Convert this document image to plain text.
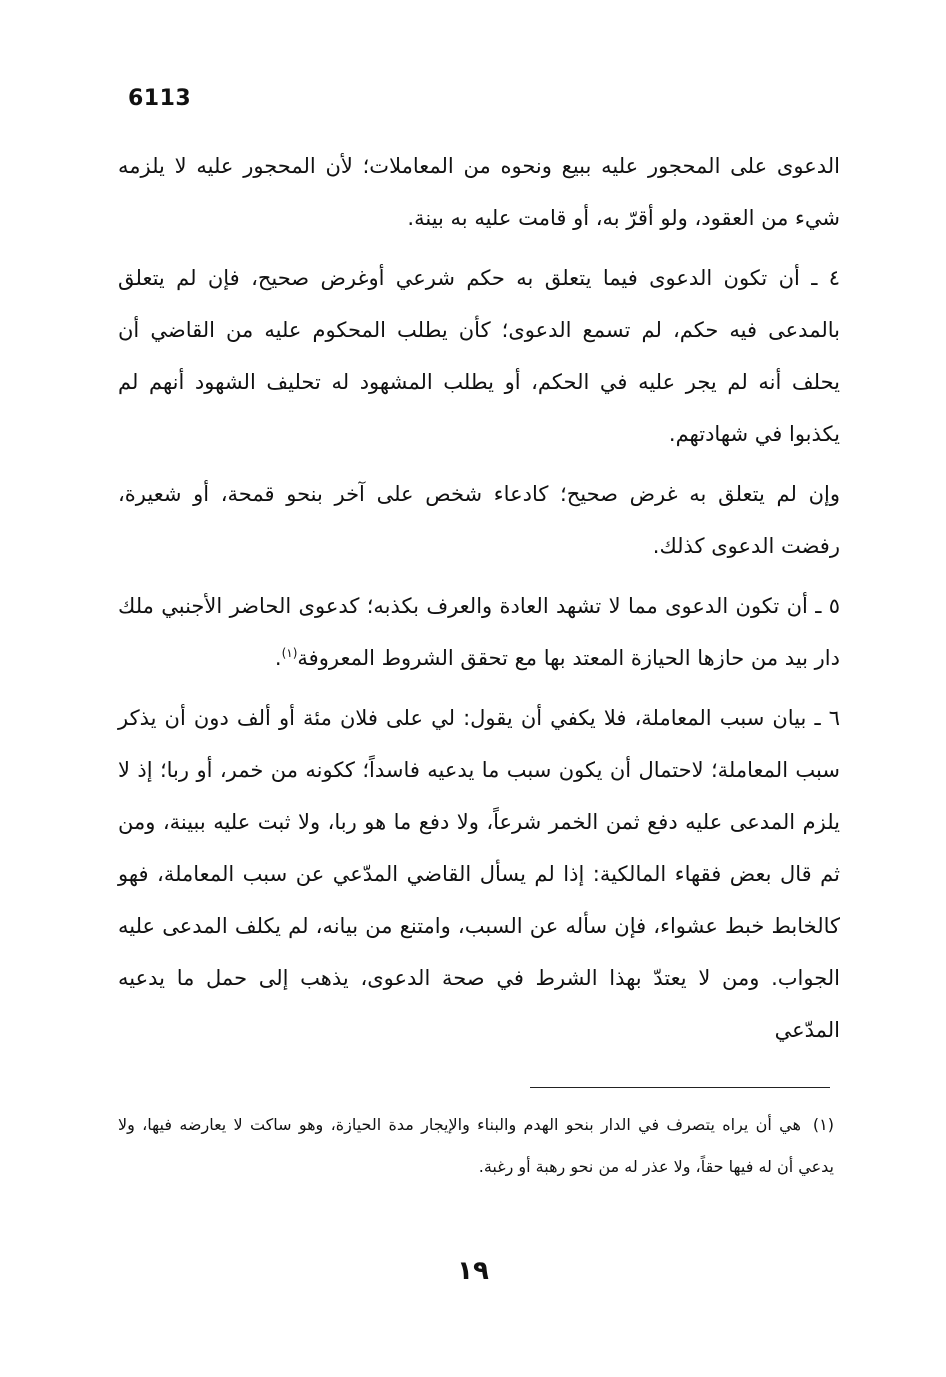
6113

الدعوى على المحجور عليه ببيع ونحوه من المعاملات؛ لأن المحجور عليه لا يلزمه شيء من العقود، ولو أقرّ به، أو قامت عليه به بينة.

٤ ـ أن تكون الدعوى فيما يتعلق به حكم شرعي أوغرض صحيح، فإن لم يتعلق بالمدعى فيه حكم، لم تسمع الدعوى؛ كأن يطلب المحكوم عليه من القاضي أن يحلف أنه لم يجر عليه في الحكم، أو يطلب المشهود له تحليف الشهود أنهم لم يكذبوا في شهادتهم.

وإن لم يتعلق به غرض صحيح؛ كادعاء شخص على آخر بنحو قمحة، أو شعيرة، رفضت الدعوى كذلك.

٥ ـ أن تكون الدعوى مما لا تشهد العادة والعرف بكذبه؛ كدعوى الحاضر الأجنبي ملك دار بيد من حازها الحيازة المعتد بها مع تحقق الشروط المعروفة$^{(١)}$.

٦ ـ بيان سبب المعاملة، فلا يكفي أن يقول: لي على فلان مئة أو ألف دون أن يذكر سبب المعاملة؛ لاحتمال أن يكون سبب ما يدعيه فاسداً؛ ككونه من خمر، أو ربا؛ إذ لا يلزم المدعى عليه دفع ثمن الخمر شرعاً، ولا دفع ما هو ربا، ولا ثبت عليه ببينة، ومن ثم قال بعض فقهاء المالكية: إذا لم يسأل القاضي المدّعي عن سبب المعاملة، فهو كالخابط خبط عشواء، فإن سأله عن السبب، وامتنع من بيانه، لم يكلف المدعى عليه الجواب. ومن لا يعتدّ بهذا الشرط في صحة الدعوى، يذهب إلى حمل ما يدعيه المدّعي

(١)هي أن يراه يتصرف في الدار بنحو الهدم والبناء والإيجار مدة الحيازة، وهو ساكت لا يعارضه فيها، ولا يدعي أن له فيها حقاً، ولا عذر له من نحو رهبة أو رغبة.
١٩
